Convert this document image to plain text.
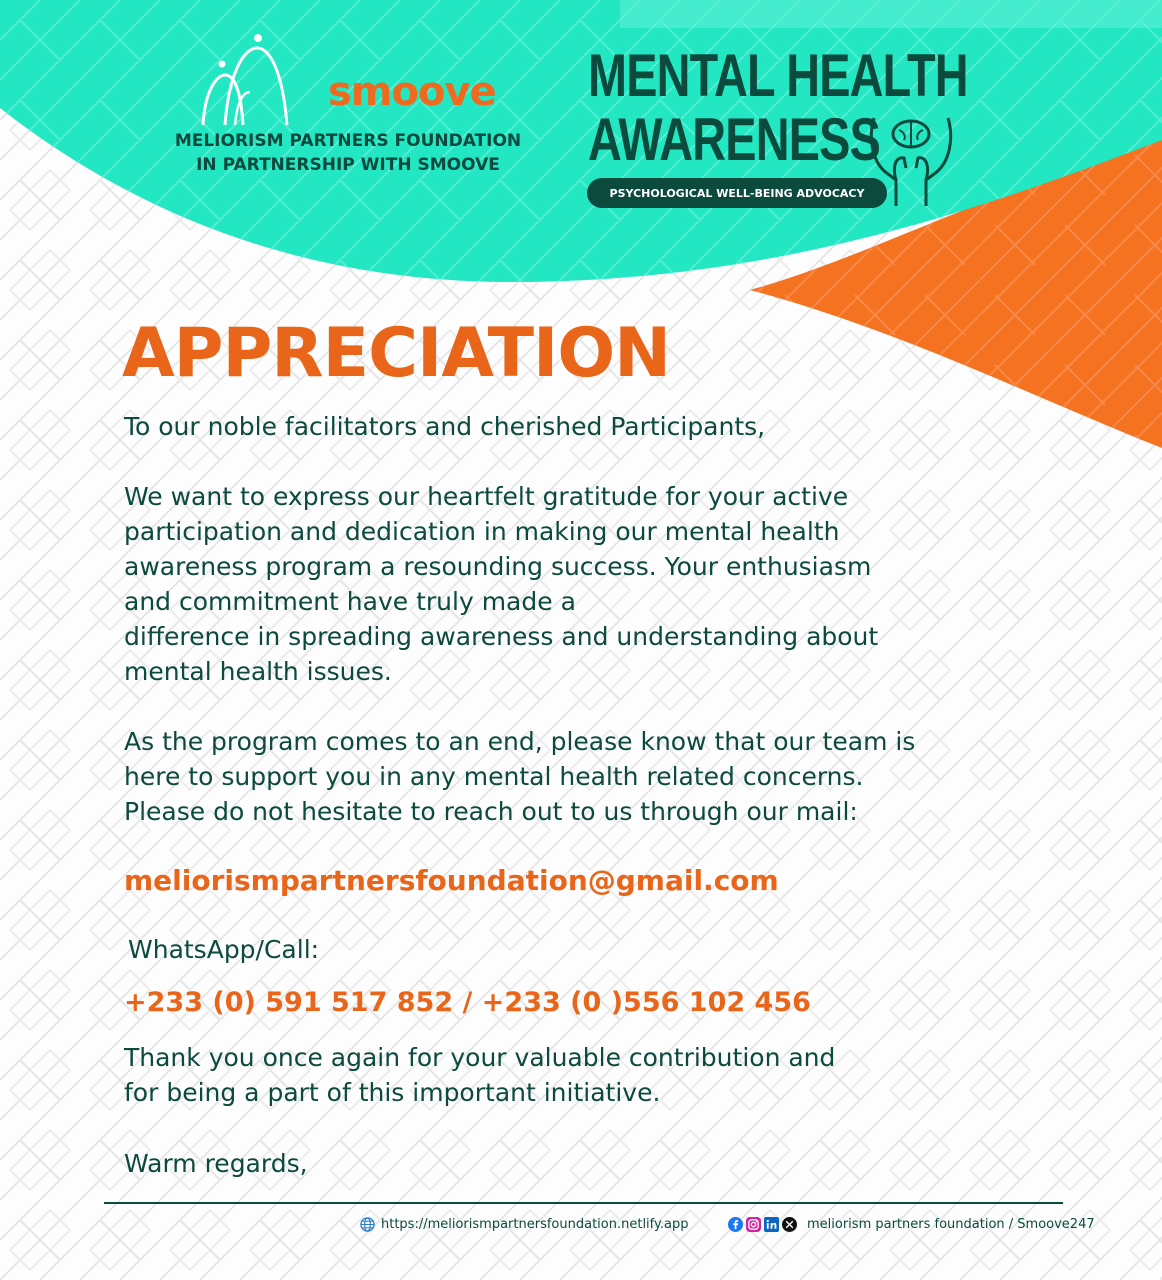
smoove
MELIORISM PARTNERS FOUNDATION
IN PARTNERSHIP WITH SMOOVE
MENTAL HEALTH
AWARENESS
PSYCHOLOGICAL WELL-BEING ADVOCACY
APPRECIATION

To our noble facilitators and cherished Participants,

We want to express our heartfelt gratitude for your active

participation and dedication in making our mental health

awareness program a resounding success. Your enthusiasm

and commitment have truly made a

difference in spreading awareness and understanding about

mental health issues.

As the program comes to an end, please know that our team is

here to support you in any mental health related concerns.

Please do not hesitate to reach out to us through our mail:

meliorismpartnersfoundation@gmail.com
WhatsApp/Call:
+233 (0) 591 517 852 / +233 (0 )556 102 456

Thank you once again for your valuable contribution and

for being a part of this important initiative.

Warm regards,

https://meliorismpartnersfoundation.netlify.app	meliorism partners foundation / Smoove247
